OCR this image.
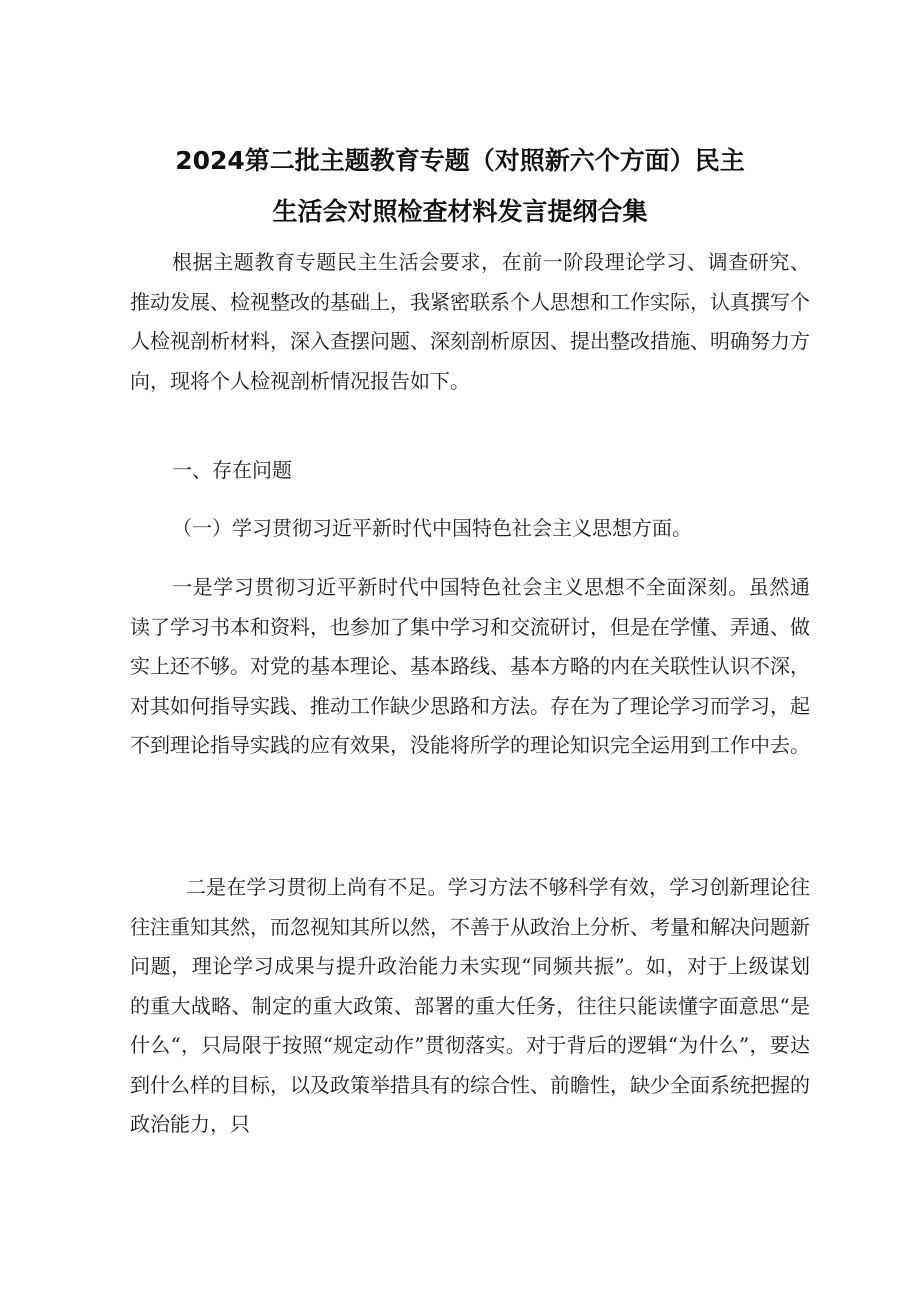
2024第二批主题教育专题（对照新六个方面）民主
生活会对照检查材料发言提纲合集
根据主题教育专题民主生活会要求，在前一阶段理论学习、调查研究、推动发展、检视整改的基础上，我紧密联系个人思想和工作实际，认真撰写个人检视剖析材料，深入查摆问题、深刻剖析原因、提出整改措施、明确努力方向，现将个人检视剖析情况报告如下。
一、存在问题
（一）学习贯彻习近平新时代中国特色社会主义思想方面。
一是学习贯彻习近平新时代中国特色社会主义思想不全面深刻。虽然通读了学习书本和资料，也参加了集中学习和交流研讨，但是在学懂、弄通、做实上还不够。对党的基本理论、基本路线、基本方略的内在关联性认识不深，对其如何指导实践、推动工作缺少思路和方法。存在为了理论学习而学习，起不到理论指导实践的应有效果，没能将所学的理论知识完全运用到工作中去。
二是在学习贯彻上尚有不足。学习方法不够科学有效，学习创新理论往往注重知其然，而忽视知其所以然，不善于从政治上分析、考量和解决问题新问题，理论学习成果与提升政治能力未实现“同频共振”。如，对于上级谋划的重大战略、制定的重大政策、部署的重大任务，往往只能读懂字面意思“是什么“，只局限于按照“规定动作”贯彻落实。对于背后的逻辑“为什么”，要达到什么样的目标，以及政策举措具有的综合性、前瞻性，缺少全面系统把握的政治能力，只
